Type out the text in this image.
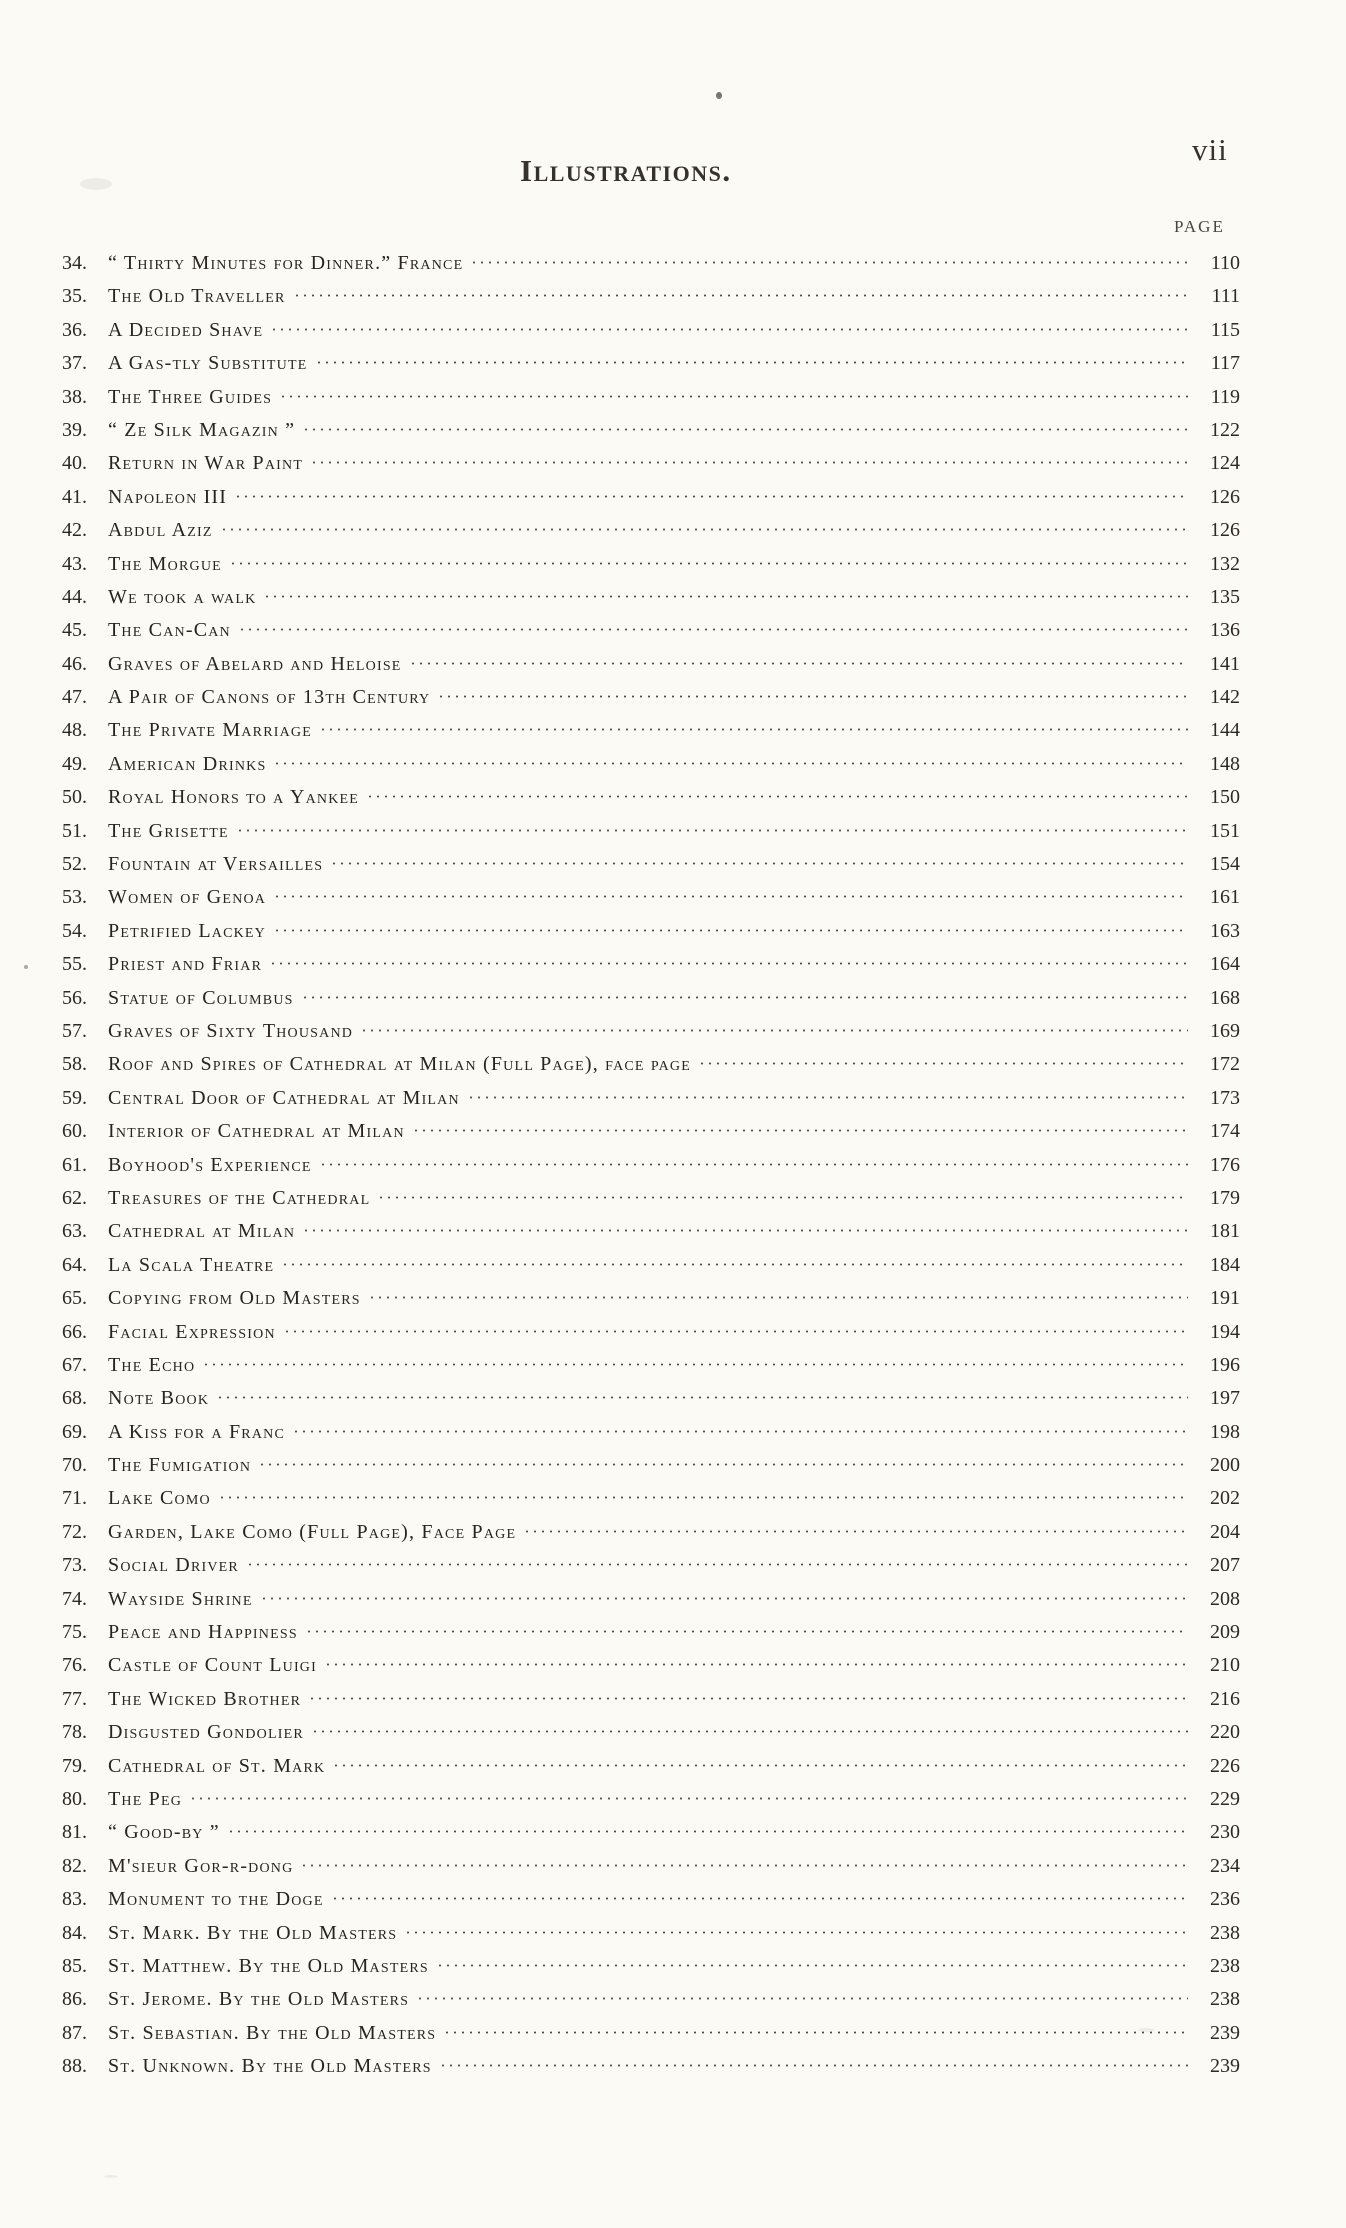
Illustrations.
vii
PAGE
34.	“ Thirty Minutes for Dinner.” France	110
35.	The Old Traveller	111
36.	A Decided Shave	115
37.	A Gas-tly Substitute	117
38.	The Three Guides	119
39.	“ Ze Silk Magazin ”	122
40.	Return in War Paint	124
41.	Napoleon III	126
42.	Abdul Aziz	126
43.	The Morgue	132
44.	We took a walk	135
45.	The Can-Can	136
46.	Graves of Abelard and Heloise	141
47.	A Pair of Canons of 13th Century	142
48.	The Private Marriage	144
49.	American Drinks	148
50.	Royal Honors to a Yankee	150
51.	The Grisette	151
52.	Fountain at Versailles	154
53.	Women of Genoa	161
54.	Petrified Lackey	163
55.	Priest and Friar	164
56.	Statue of Columbus	168
57.	Graves of Sixty Thousand	169
58.	Roof and Spires of Cathedral at Milan (Full Page), face page	172
59.	Central Door of Cathedral at Milan	173
60.	Interior of Cathedral at Milan	174
61.	Boyhood's Experience	176
62.	Treasures of the Cathedral	179
63.	Cathedral at Milan	181
64.	La Scala Theatre	184
65.	Copying from Old Masters	191
66.	Facial Expression	194
67.	The Echo	196
68.	Note Book	197
69.	A Kiss for a Franc	198
70.	The Fumigation	200
71.	Lake Como	202
72.	Garden, Lake Como (Full Page), Face Page	204
73.	Social Driver	207
74.	Wayside Shrine	208
75.	Peace and Happiness	209
76.	Castle of Count Luigi	210
77.	The Wicked Brother	216
78.	Disgusted Gondolier	220
79.	Cathedral of St. Mark	226
80.	The Peg	229
81.	“ Good-by ”	230
82.	M'sieur Gor-r-dong	234
83.	Monument to the Doge	236
84.	St. Mark. By the Old Masters	238
85.	St. Matthew. By the Old Masters	238
86.	St. Jerome. By the Old Masters	238
87.	St. Sebastian. By the Old Masters	239
88.	St. Unknown. By the Old Masters	239
